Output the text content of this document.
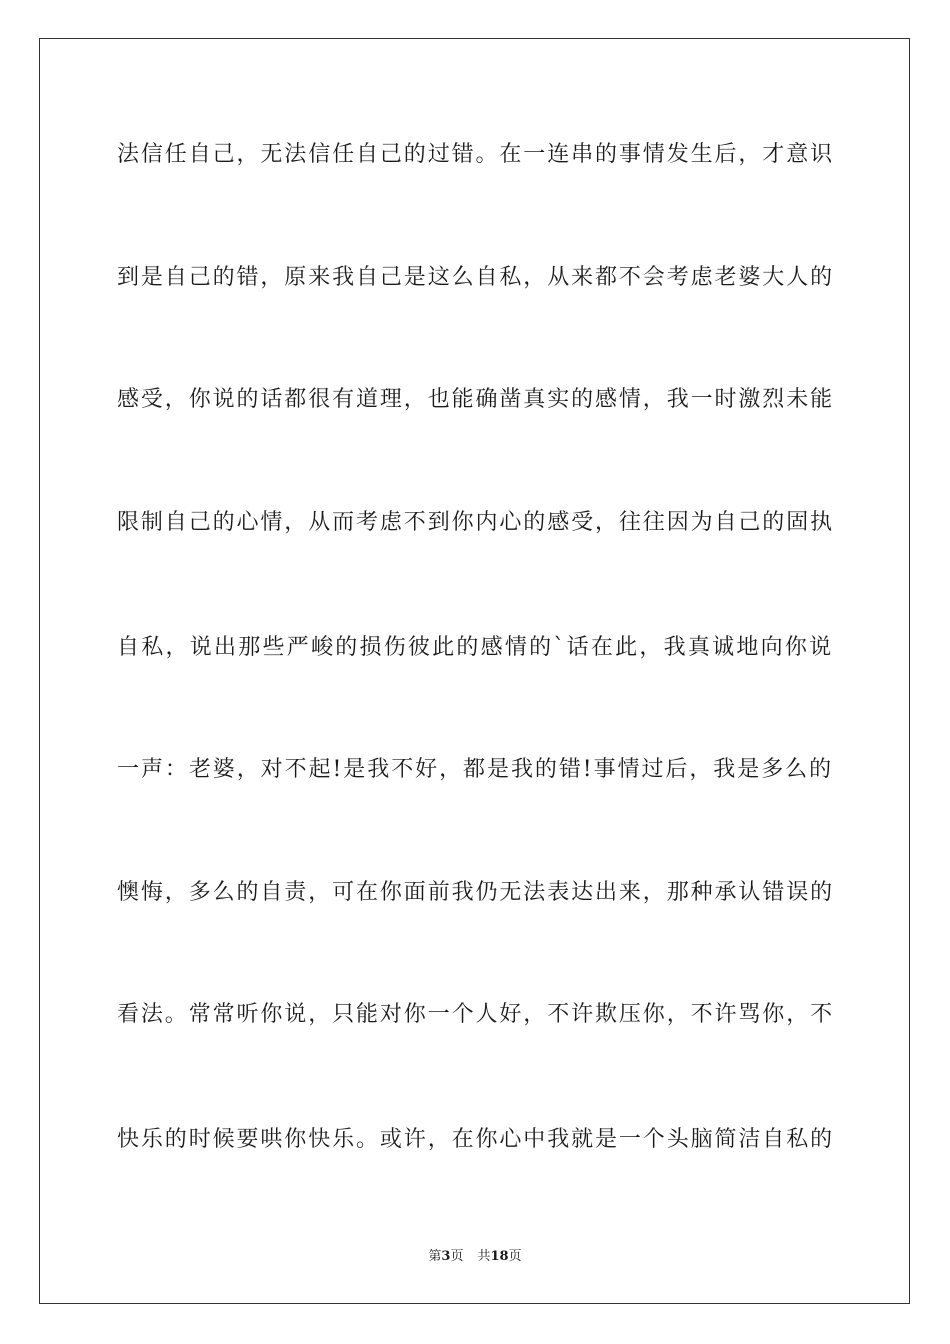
法信任自己，无法信任自己的过错。在一连串的事情发生后，才意识
到是自己的错，原来我自己是这么自私，从来都不会考虑老婆大人的
感受，你说的话都很有道理，也能确凿真实的感情，我一时激烈未能
限制自己的心情，从而考虑不到你内心的感受，往往因为自己的固执
自私，说出那些严峻的损伤彼此的感情的`话在此，我真诚地向你说
一声：老婆，对不起!是我不好，都是我的错!事情过后，我是多么的
懊悔，多么的自责，可在你面前我仍无法表达出来，那种承认错误的
看法。常常听你说，只能对你一个人好，不许欺压你，不许骂你，不
快乐的时候要哄你快乐。或许，在你心中我就是一个头脑简洁自私的
第3页 共18页
